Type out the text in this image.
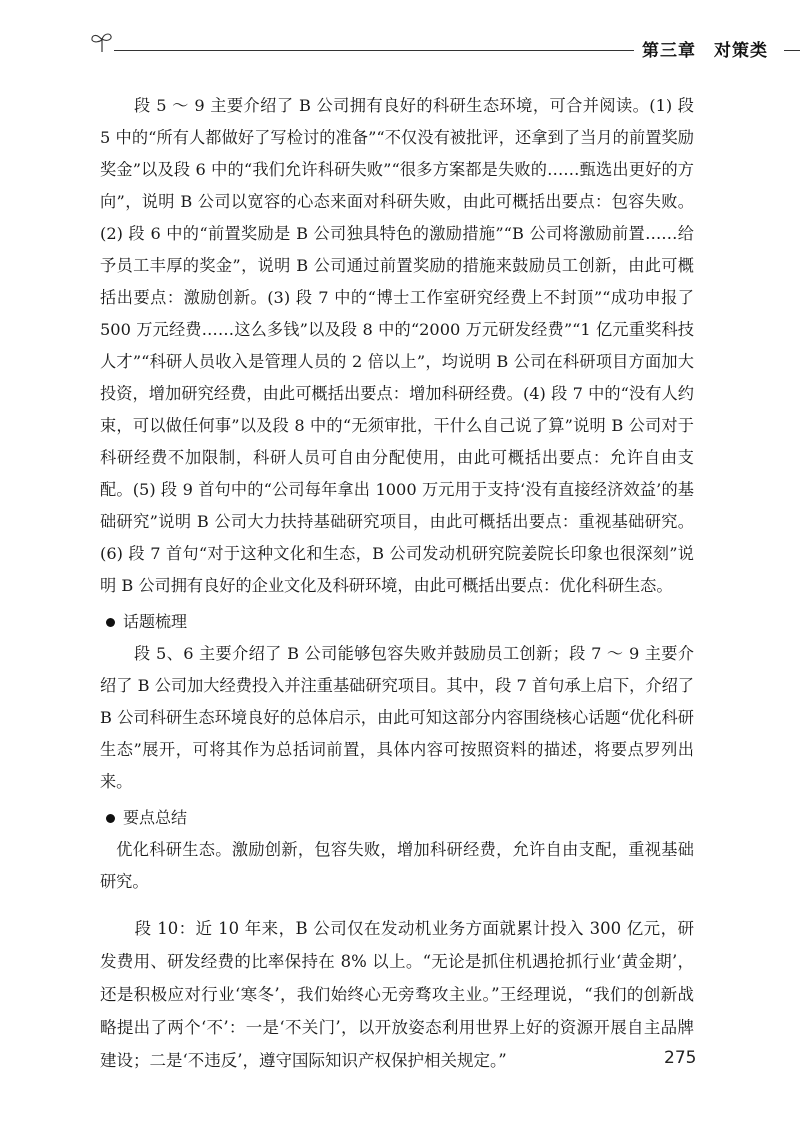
第三章　对策类

段 5 ～ 9 主要介绍了 B 公司拥有良好的科研生态环境，可合并阅读。(1) 段 5 中的“所有人都做好了写检讨的准备”“不仅没有被批评，还拿到了当月的前置奖励奖金”以及段 6 中的“我们允许科研失败”“很多方案都是失败的……甄选出更好的方向”，说明 B 公司以宽容的心态来面对科研失败，由此可概括出要点：包容失败。(2) 段 6 中的“前置奖励是 B 公司独具特色的激励措施”“B 公司将激励前置……给予员工丰厚的奖金”，说明 B 公司通过前置奖励的措施来鼓励员工创新，由此可概括出要点：激励创新。(3) 段 7 中的“博士工作室研究经费上不封顶”“成功申报了 500 万元经费……这么多钱”以及段 8 中的“2000 万元研发经费”“1 亿元重奖科技人才”“科研人员收入是管理人员的 2 倍以上”，均说明 B 公司在科研项目方面加大投资，增加研究经费，由此可概括出要点：增加科研经费。(4) 段 7 中的“没有人约束，可以做任何事”以及段 8 中的“无须审批，干什么自己说了算”说明 B 公司对于科研经费不加限制，科研人员可自由分配使用，由此可概括出要点：允许自由支配。(5) 段 9 首句中的“公司每年拿出 1000 万元用于支持‘没有直接经济效益’的基础研究”说明 B 公司大力扶持基础研究项目，由此可概括出要点：重视基础研究。(6) 段 7 首句“对于这种文化和生态，B 公司发动机研究院姜院长印象也很深刻”说明 B 公司拥有良好的企业文化及科研环境，由此可概括出要点：优化科研生态。

话题梳理

段 5、6 主要介绍了 B 公司能够包容失败并鼓励员工创新；段 7 ～ 9 主要介绍了 B 公司加大经费投入并注重基础研究项目。其中，段 7 首句承上启下，介绍了 B 公司科研生态环境良好的总体启示，由此可知这部分内容围绕核心话题“优化科研生态”展开，可将其作为总括词前置，具体内容可按照资料的描述，将要点罗列出来。

要点总结

优化科研生态。激励创新，包容失败，增加科研经费，允许自由支配，重视基础研究。

段 10：近 10 年来，B 公司仅在发动机业务方面就累计投入 300 亿元，研发费用、研发经费的比率保持在 8% 以上。“无论是抓住机遇抢抓行业‘黄金期’，还是积极应对行业‘寒冬’，我们始终心无旁骛攻主业。”王经理说，“我们的创新战略提出了两个‘不’：一是‘不关门’，以开放姿态利用世界上好的资源开展自主品牌建设；二是‘不违反’，遵守国际知识产权保护相关规定。”	275
